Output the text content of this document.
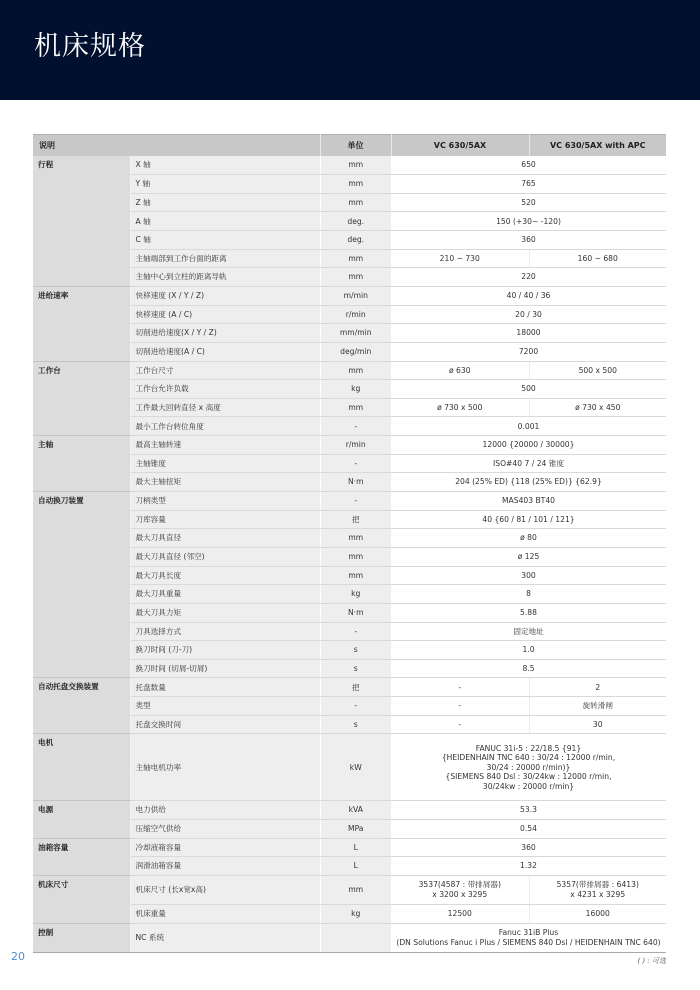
机床规格
说明		单位	VC 630/5AX	VC 630/5AX with APC
行程	X 轴	mm	650	
	Y 轴	mm	765	
	Z 轴	mm	520	
	A 轴	deg.	150 (+30~ -120)	
	C 轴	deg.	360	
	主轴端部到工作台面的距离	mm	210 ~ 730	160 ~ 680
	主轴中心到立柱的距离导轨	mm	220	
进给速率	快移速度 (X / Y / Z)	m/min	40 / 40 / 36	
	快移速度 (A / C)	r/min	20 / 30	
	切削进给速度(X / Y / Z)	mm/min	18000	
	切削进给速度(A / C)	deg/min	7200	
工作台	工作台尺寸	mm	ø 630	500 x 500
	工作台允许负载	kg	500	
	工件最大回转直径 x 高度	mm	ø 730 x 500	ø 730 x 450
	最小工作台转位角度	-	0.001	
主轴	最高主轴转速	r/min	12000 {20000 / 30000}	
	主轴锥度	-	ISO#40 7 / 24 锥度	
	最大主轴扭矩	N·m	204 (25% ED) {118 (25% ED)} {62.9}	
自动换刀装置	刀柄类型	-	MAS403 BT40	
	刀库容量	把	40 {60 / 81 / 101 / 121}	
	最大刀具直径	mm	ø 80	
	最大刀具直径 (邻空)	mm	ø 125	
	最大刀具长度	mm	300	
	最大刀具重量	kg	8	
	最大刀具力矩	N·m	5.88	
	刀具选择方式	-	固定地址	
	换刀时间 (刀-刀)	s	1.0	
	换刀时间 (切屑-切屑)	s	8.5	
自动托盘交换装置	托盘数量	把	-	2
	类型	-	-	旋转滑闸
	托盘交换时间	s	-	30
电机	主轴电机功率	kW	FANUC 31i-5 : 22/18.5 {91}
{HEIDENHAIN TNC 640 : 30/24 : 12000 r/min,
30/24 : 20000 r/min)}
{SIEMENS 840 Dsl : 30/24kw : 12000 r/min,
30/24kw : 20000 r/min}	

电源	电力供给	kVA	53.3	
	压缩空气供给	MPa	0.54	
油箱容量	冷却液箱容量	L	360	
	润滑油箱容量	L	1.32	
机床尺寸	机床尺寸 (长x宽x高)	mm	3537(4587 : 带排屑器)
x 3200 x 3295	5357(带排屑器 : 6413)
x 4231 x 3295

	机床重量	kg	12500	16000
控制	NC 系统		Fanuc 31iB Plus
(DN Solutions Fanuc i Plus / SIEMENS 840 Dsl / HEIDENHAIN TNC 640)	
20	( ) : 可选
